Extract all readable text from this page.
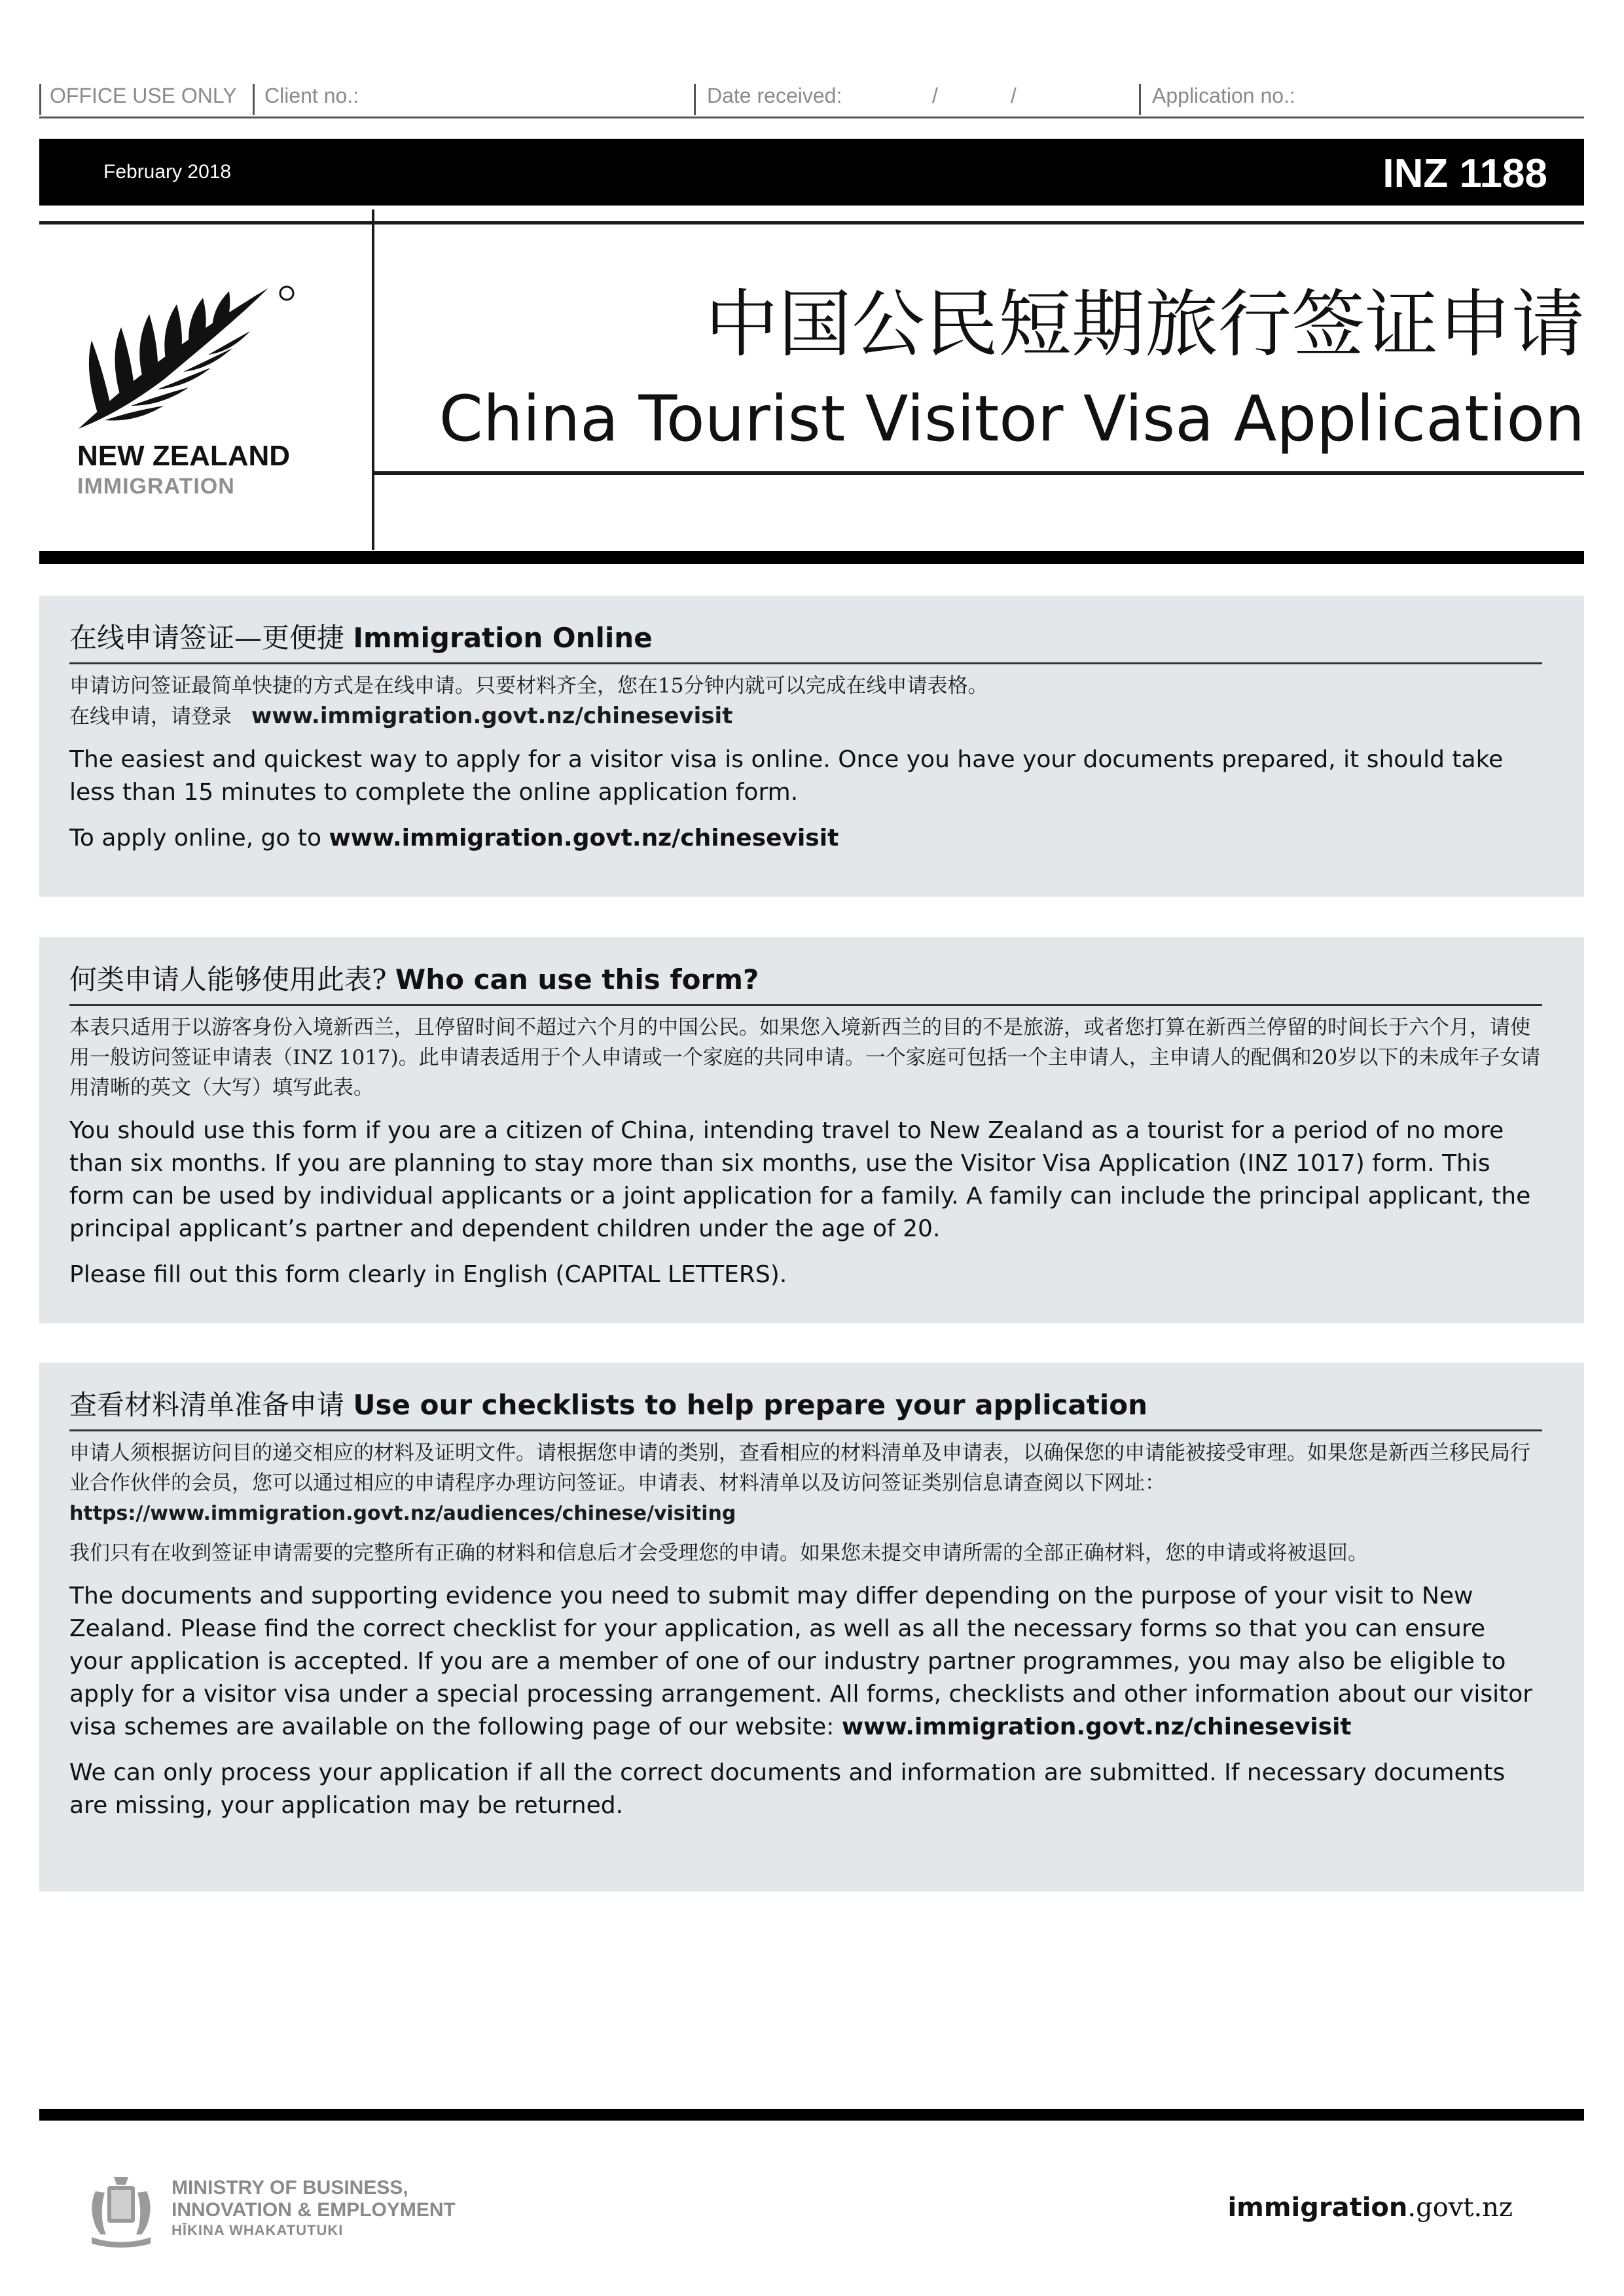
OFFICE USE ONLY Client no.:	Date received:	/	/	Application no.:
February 2018	INZ 1188
NEW ZEALAND
IMMIGRATION
中国公民短期旅行签证申请
China Tourist Visitor Visa Application
在线申请签证—更便捷 Immigration Online

申请访问签证最简单快捷的方式是在线申请。只要材料齐全，您在15分钟内就可以完成在线申请表格。

在线申请，请登录 www.immigration.govt.nz/chinesevisit

The easiest and quickest way to apply for a visitor visa is online. Once you have your documents prepared, it should take less than 15 minutes to complete the online application form.

To apply online, go to www.immigration.govt.nz/chinesevisit

何类申请人能够使用此表? Who can use this form?

本表只适用于以游客身份入境新西兰，且停留时间不超过六个月的中国公民。如果您入境新西兰的目的不是旅游，或者您打算在新西兰停留的时间长于六个月，请使用一般访问签证申请表（INZ 1017)。此申请表适用于个人申请或一个家庭的共同申请。一个家庭可包括一个主申请人，主申请人的配偶和20岁以下的未成年子女请用清晰的英文（大写）填写此表。

You should use this form if you are a citizen of China, intending travel to New Zealand as a tourist for a period of no more than six months. If you are planning to stay more than six months, use the Visitor Visa Application (INZ 1017) form. This form can be used by individual applicants or a joint application for a family. A family can include the principal applicant, the principal applicant’s partner and dependent children under the age of 20.

Please fill out this form clearly in English (CAPITAL LETTERS).

查看材料清单准备申请 Use our checklists to help prepare your application

申请人须根据访问目的递交相应的材料及证明文件。请根据您申请的类别，查看相应的材料清单及申请表，以确保您的申请能被接受审理。如果您是新西兰移民局行业合作伙伴的会员，您可以通过相应的申请程序办理访问签证。申请表、材料清单以及访问签证类别信息请查阅以下网址：https://www.immigration.govt.nz/audiences/chinese/visiting

我们只有在收到签证申请需要的完整所有正确的材料和信息后才会受理您的申请。如果您未提交申请所需的全部正确材料，您的申请或将被退回。

The documents and supporting evidence you need to submit may differ depending on the purpose of your visit to New Zealand. Please find the correct checklist for your application, as well as all the necessary forms so that you can ensure your application is accepted. If you are a member of one of our industry partner programmes, you may also be eligible to apply for a visitor visa under a special processing arrangement. All forms, checklists and other information about our visitor visa schemes are available on the following page of our website: www.immigration.govt.nz/chinesevisit

We can only process your application if all the correct documents and information are submitted. If necessary documents are missing, your application may be returned.

MINISTRY OF BUSINESS,
INNOVATION & EMPLOYMENT
HĪKINA WHAKATUTUKI
immigration.govt.nz
